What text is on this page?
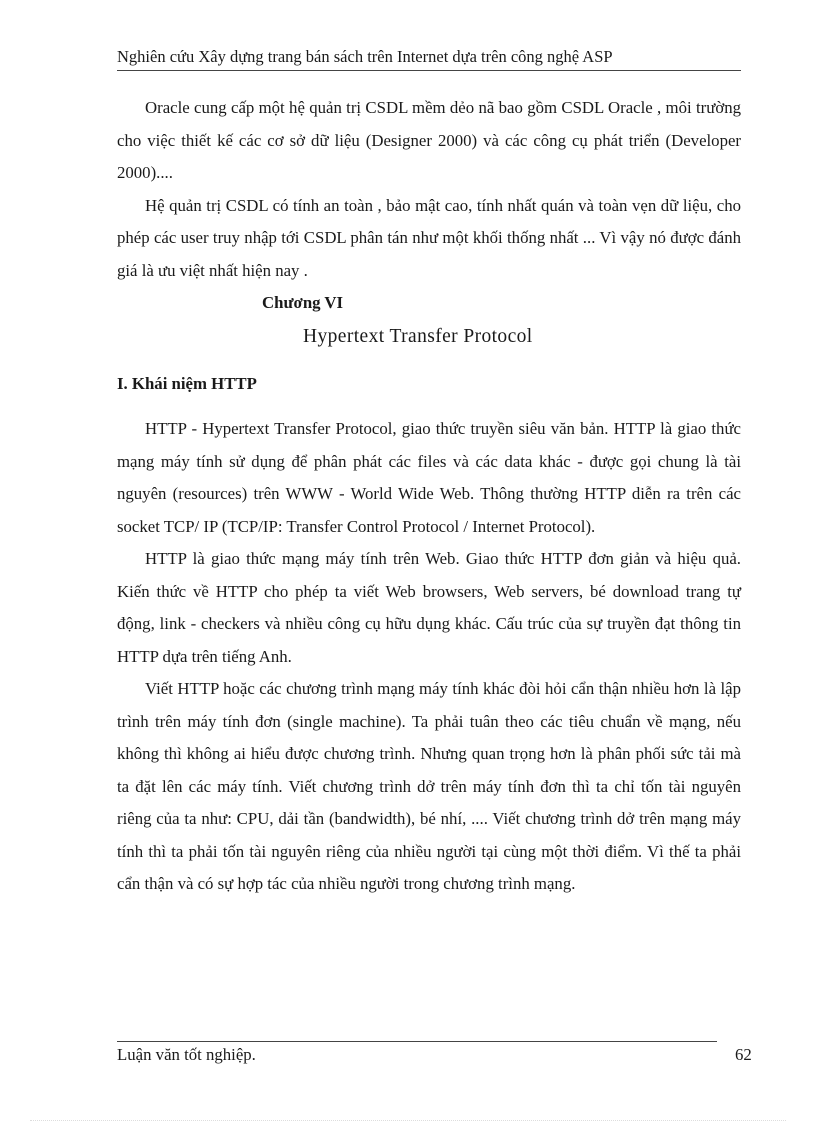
Nghiên cứu Xây dựng trang bán sách trên Internet dựa trên công nghệ ASP

Oracle cung cấp một hệ quản trị CSDL mềm dẻo nã bao gồm CSDL Oracle , môi trường cho việc thiết kế các cơ sở dữ liệu (Designer 2000) và các công cụ phát triển (Developer 2000)....

Hệ quản trị CSDL có tính an toàn , bảo mật cao, tính nhất quán và toàn vẹn dữ liệu, cho phép các user truy nhập tới CSDL phân tán như một khối thống nhất ... Vì vậy nó được đánh giá là ưu việt nhất hiện nay .

Chương VI
Hypertext Transfer Protocol
I. Khái niệm HTTP

HTTP - Hypertext Transfer Protocol, giao thức truyền siêu văn bản. HTTP là giao thức mạng máy tính sử dụng để phân phát các files và các data khác - được gọi chung là tài nguyên (resources) trên WWW - World Wide Web. Thông thường HTTP diễn ra trên các socket TCP/ IP (TCP/IP: Transfer Control Protocol / Internet Protocol).

HTTP là giao thức mạng máy tính trên Web. Giao thức HTTP đơn giản và hiệu quả. Kiến thức về HTTP cho phép ta viết Web browsers, Web servers, bé download trang tự động, link - checkers và nhiều công cụ hữu dụng khác. Cấu trúc của sự truyền đạt thông tin HTTP dựa trên tiếng Anh.

Viết HTTP hoặc các chương trình mạng máy tính khác đòi hỏi cẩn thận nhiều hơn là lập trình trên máy tính đơn (single machine). Ta phải tuân theo các tiêu chuẩn về mạng, nếu không thì không ai hiểu được chương trình. Nhưng quan trọng hơn là phân phối sức tải mà ta đặt lên các máy tính. Viết chương trình dở trên máy tính đơn thì ta chỉ tốn tài nguyên riêng của ta như: CPU, dải tần (bandwidth), bé nhí, .... Viết chương trình dở trên mạng máy tính thì ta phải tốn tài nguyên riêng của nhiều người tại cùng một thời điểm. Vì thế ta phải cẩn thận và có sự hợp tác của nhiều người trong chương trình mạng.

Luận văn tốt nghiệp.	62
